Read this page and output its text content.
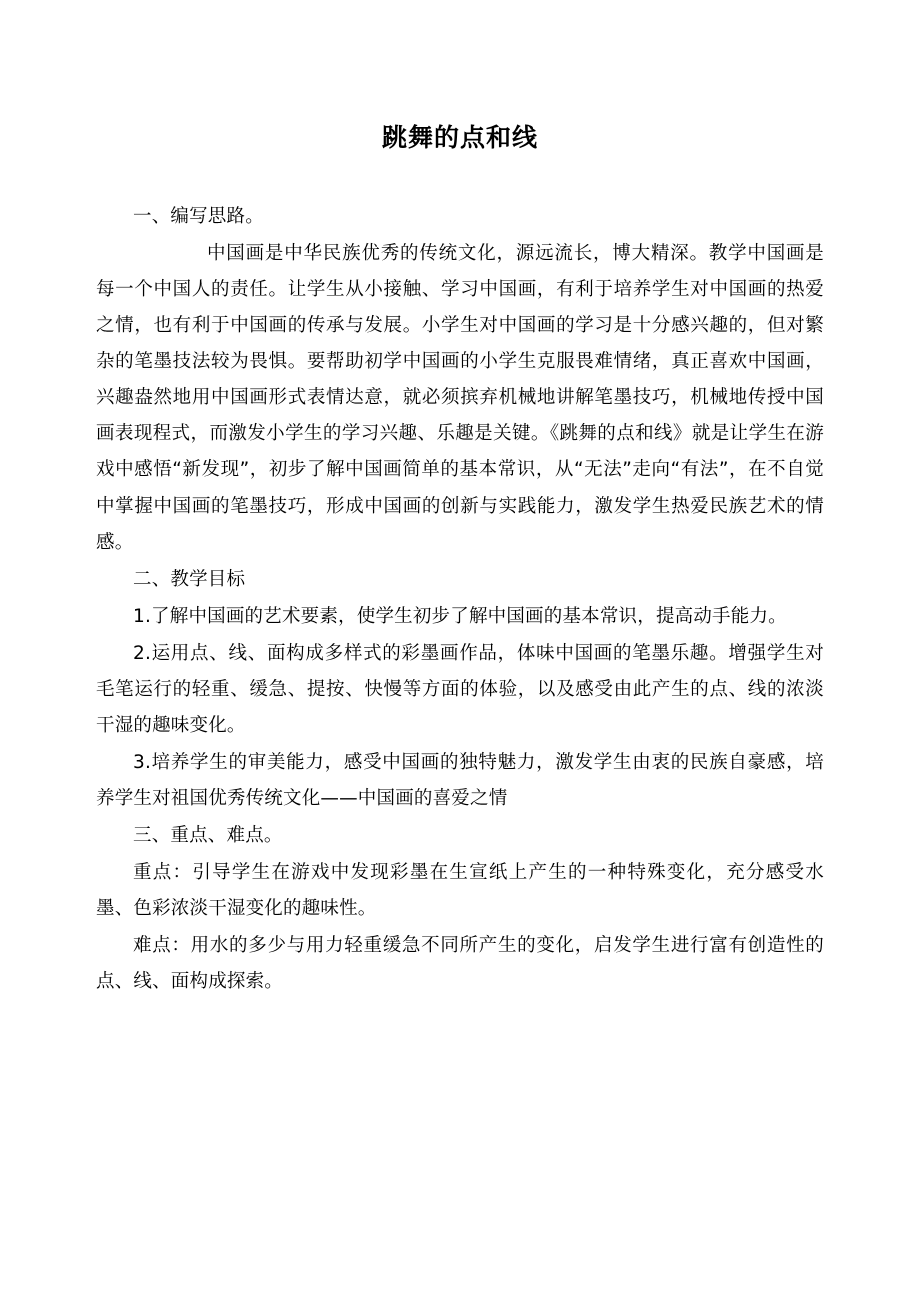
跳舞的点和线

一、编写思路。

中国画是中华民族优秀的传统文化，源远流长，博大精深。教学中国画是每一个中国人的责任。让学生从小接触、学习中国画，有利于培养学生对中国画的热爱之情，也有利于中国画的传承与发展。小学生对中国画的学习是十分感兴趣的，但对繁杂的笔墨技法较为畏惧。要帮助初学中国画的小学生克服畏难情绪，真正喜欢中国画，兴趣盎然地用中国画形式表情达意，就必须摈弃机械地讲解笔墨技巧，机械地传授中国画表现程式，而激发小学生的学习兴趣、乐趣是关键。《跳舞的点和线》就是让学生在游戏中感悟“新发现”，初步了解中国画简单的基本常识，从“无法”走向“有法”，在不自觉中掌握中国画的笔墨技巧，形成中国画的创新与实践能力，激发学生热爱民族艺术的情感。

二、教学目标

1.了解中国画的艺术要素，使学生初步了解中国画的基本常识，提高动手能力。

2.运用点、线、面构成多样式的彩墨画作品，体味中国画的笔墨乐趣。增强学生对毛笔运行的轻重、缓急、提按、快慢等方面的体验，以及感受由此产生的点、线的浓淡干湿的趣味变化。

3.培养学生的审美能力，感受中国画的独特魅力，激发学生由衷的民族自豪感，培养学生对祖国优秀传统文化——中国画的喜爱之情

三、重点、难点。

重点：引导学生在游戏中发现彩墨在生宣纸上产生的一种特殊变化，充分感受水墨、色彩浓淡干湿变化的趣味性。

难点：用水的多少与用力轻重缓急不同所产生的变化，启发学生进行富有创造性的点、线、面构成探索。
